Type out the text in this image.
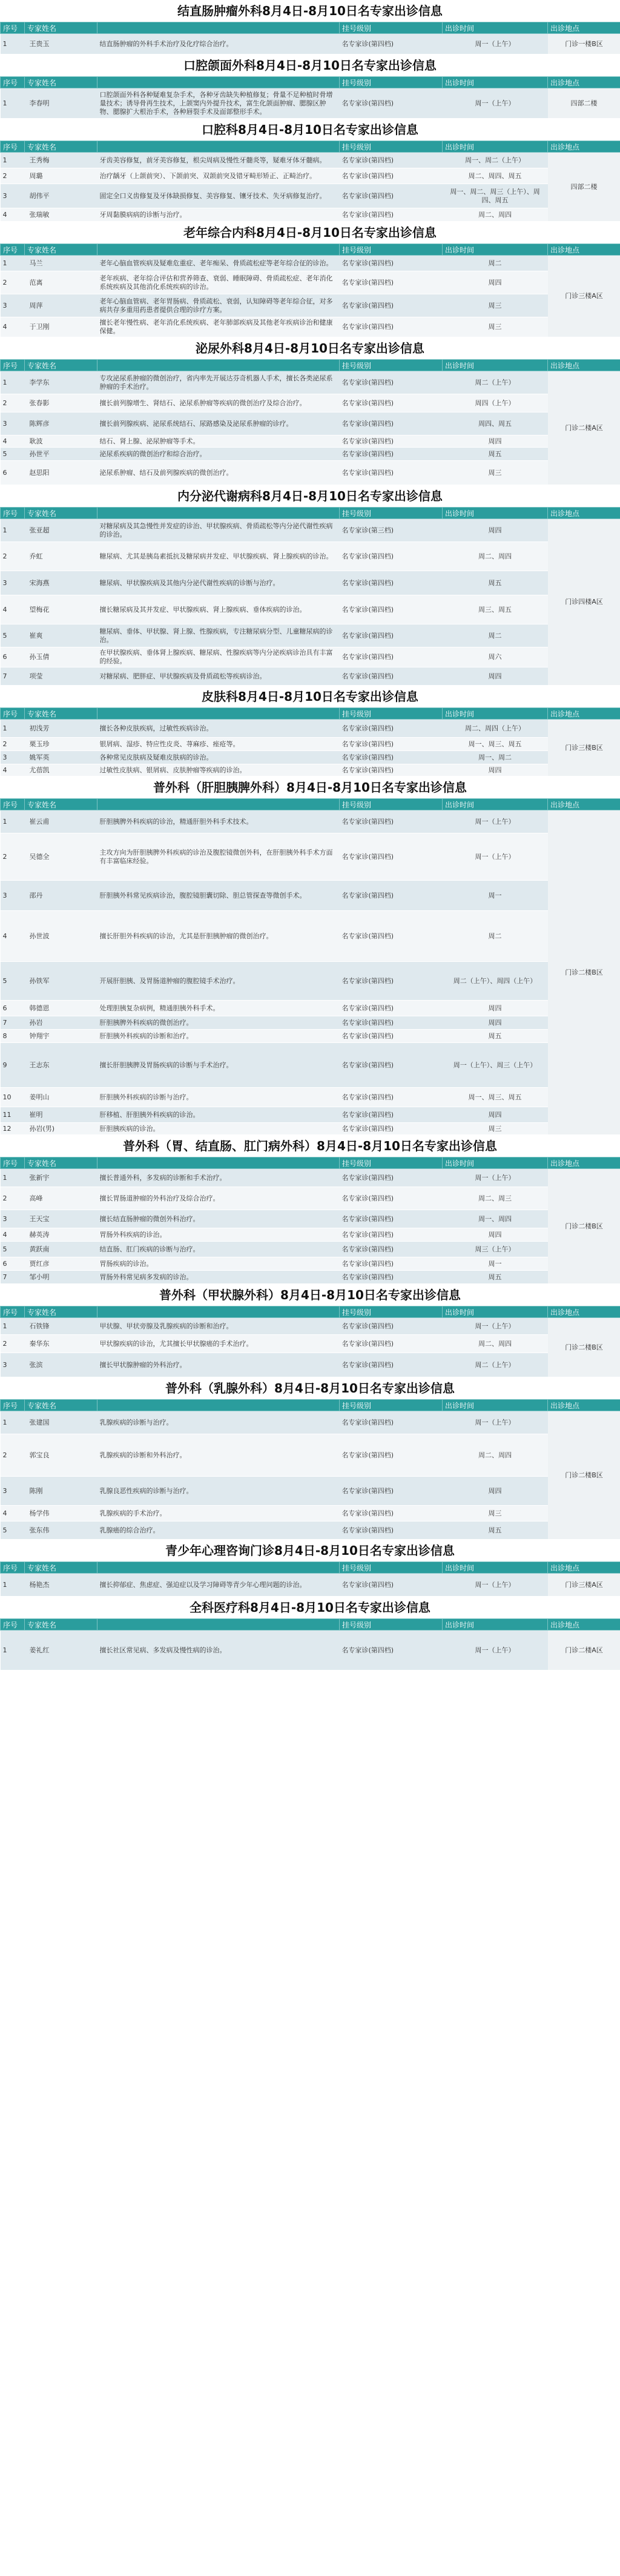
结直肠肿瘤外科8月4日-8月10日名专家出诊信息
序号	专家姓名		挂号级别	出诊时间	出诊地点
1	王贵玉	结直肠肿瘤的外科手术治疗及化疗综合治疗。	名专家诊(第四档)	周一（上午）	门诊一楼B区
口腔颌面外科8月4日-8月10日名专家出诊信息
序号	专家姓名		挂号级别	出诊时间	出诊地点
1	李春明	口腔颌面外科各种疑难复杂手术，各种牙齿缺失种植修复；骨量不足种植时骨增量技术；诱导骨再生技术，上颌窦内外提升技术，富生化颌面肿瘤、腮腺区肿物、腮腺扩大根治手术，各种唇裂手术及面部整形手术。	名专家诊(第四档)	周一（上午）	四部二楼
口腔科8月4日-8月10日名专家出诊信息
序号	专家姓名		挂号级别	出诊时间	出诊地点
1	王秀梅	牙齿美容修复，前牙美容修复，根尖周病及慢性牙髓炎等，疑难牙体牙髓病。	名专家诊(第四档)	周一、周二（上午）	四部二楼
2	周璐	治疗龋牙（上颌前突）、下颌前突、双颌前突及错牙畸形矫正、正畸治疗。	名专家诊(第四档)	周二、周四、周五	
3	胡伟平	固定全口义齿修复及牙体缺损修复、美容修复、镶牙技术、失牙病修复治疗。	名专家诊(第四档)	周一、周二、周三（上午）、周四、周五	
4	张瑞敏	牙周黏膜病病的诊断与治疗。	名专家诊(第四档)	周二、周四	
老年综合内科8月4日-8月10日名专家出诊信息
序号	专家姓名		挂号级别	出诊时间	出诊地点
1	马兰	老年心脑血管疾病及疑难危重症、老年痴呆、骨质疏松症等老年综合征的诊治。	名专家诊(第四档)	周二	门诊三楼A区
2	范离	老年疾病、老年综合评估和营养筛查、衰弱、睡眠障碍、骨质疏松症、老年消化系统疾病及其他消化系统疾病的诊治。	名专家诊(第四档)	周四	
3	周萍	老年心脑血管病、老年胃肠病、骨质疏松、衰弱，认知障碍等老年综合征，对多病共存多重用药患者提供合理的诊疗方案。	名专家诊(第四档)	周三	
4	于卫刚	擅长老年慢性病、老年消化系统疾病、老年肺部疾病及其他老年疾病诊治和健康保健。	名专家诊(第四档)	周三	
泌尿外科8月4日-8月10日名专家出诊信息
序号	专家姓名		挂号级别	出诊时间	出诊地点
1	李学东	专攻泌尿系肿瘤的微创治疗，省内率先开展达芬奇机器人手术，擅长各类泌尿系肿瘤的手术治疗。	名专家诊(第四档)	周二（上午）	门诊二楼A区
2	张春影	擅长前列腺增生、肾结石、泌尿系肿瘤等疾病的微创治疗及综合治疗。	名专家诊(第四档)	周四（上午）	
3	陈辉彦	擅长前列腺疾病、泌尿系统结石、尿路感染及泌尿系肿瘤的诊疗。	名专家诊(第四档)	周四、周五	
4	耿波	结石、肾上腺、泌尿肿瘤等手术。	名专家诊(第四档)	周四	
5	孙世平	泌尿系疾病的微创治疗和综合治疗。	名专家诊(第四档)	周五	
6	赵思阳	泌尿系肿瘤、结石及前列腺疾病的微创治疗。	名专家诊(第四档)	周三	
内分泌代谢病科8月4日-8月10日名专家出诊信息
序号	专家姓名		挂号级别	出诊时间	出诊地点
1	张亚超	对糖尿病及其急慢性并发症的诊治、甲状腺疾病、骨质疏松等内分泌代谢性疾病的诊治。	名专家诊(第三档)	周四	门诊四楼A区
2	乔虹	糖尿病、尤其是胰岛素抵抗及糖尿病并发症、甲状腺疾病、肾上腺疾病的诊治。	名专家诊(第四档)	周二、周四	
3	宋海燕	糖尿病、甲状腺疾病及其他内分泌代谢性疾病的诊断与治疗。	名专家诊(第四档)	周五	
4	望梅花	擅长糖尿病及其并发症、甲状腺疾病、肾上腺疾病、垂体疾病的诊治。	名专家诊(第四档)	周三、周五	
5	崔爽	糖尿病、垂体、甲状腺、肾上腺、性腺疾病，专注糖尿病分型、儿童糖尿病的诊治。	名专家诊(第四档)	周二	
6	孙玉倩	在甲状腺疾病、垂体肾上腺疾病、糖尿病、性腺疾病等内分泌疾病诊治具有丰富的经验。	名专家诊(第四档)	周六	
7	项莹	对糖尿病、肥胖症、甲状腺疾病及骨质疏松等疾病诊治。	名专家诊(第四档)	周四	
皮肤科8月4日-8月10日名专家出诊信息
序号	专家姓名		挂号级别	出诊时间	出诊地点
1	初浅芳	擅长各种皮肤疾病，过敏性疾病诊治。	名专家诊(第四档)	周二、周四（上午）	门诊三楼B区
2	栗玉珍	银屑病、湿疹、特应性皮炎、荨麻疹、痤疮等。	名专家诊(第四档)	周一、周三、周五	
3	姚军英	各种常见皮肤病及疑难皮肤病的诊治。	名专家诊(第四档)	周一、周二	
4	尤蓓凯	过敏性皮肤病、银屑病、皮肤肿瘤等疾病的诊治。	名专家诊(第四档)	周四	
普外科（肝胆胰脾外科）8月4日-8月10日名专家出诊信息
序号	专家姓名		挂号级别	出诊时间	出诊地点
1	崔云甫	肝胆胰脾外科疾病的诊治，精通肝胆外科手术技术。	名专家诊(第四档)	周一（上午）	门诊二楼B区
2	吴德全	主攻方向为肝胆胰脾外科疾病的诊治及腹腔镜微创外科，在肝胆胰外科手术方面有丰富临床经验。	名专家诊(第四档)	周一（上午）	
3	邵丹	肝胆胰外科常见疾病诊治，腹腔镜胆囊切除、胆总管探查等微创手术。	名专家诊(第四档)	周一	
4	孙世波	擅长肝胆外科疾病的诊治，尤其是肝胆胰肿瘤的微创治疗。	名专家诊(第四档)	周二	
5	孙铁军	开展肝胆胰、及胃肠道肿瘤的腹腔镜手术治疗。	名专家诊(第四档)	周二（上午）、周四（上午）	
6	韩德恩	处理胆胰复杂病例，精通胆胰外科手术。	名专家诊(第四档)	周四	
7	孙岩	肝胆胰脾外科疾病的微创治疗。	名专家诊(第四档)	周四	
8	钟翔宇	肝胆胰外科疾病的诊断和治疗。	名专家诊(第四档)	周五	
9	王志东	擅长肝胆胰脾及胃肠疾病的诊断与手术治疗。	名专家诊(第四档)	周一（上午）、周三（上午）	
10	姜明山	肝胆胰外科疾病的诊断与治疗。	名专家诊(第四档)	周一、周三、周五	
11	崔明	肝移植、肝胆胰外科疾病的诊治。	名专家诊(第四档)	周四	
12	孙岩(男)	肝胆胰疾病的诊治。	名专家诊(第四档)	周三	
普外科（胃、结直肠、肛门病外科）8月4日-8月10日名专家出诊信息
序号	专家姓名		挂号级别	出诊时间	出诊地点
1	张新宇	擅长普通外科，多发病的诊断和手术治疗。	名专家诊(第四档)	周一（上午）	门诊二楼B区
2	高峰	擅长胃肠道肿瘤的外科治疗及综合治疗。	名专家诊(第四档)	周二、周三	
3	王天宝	擅长结直肠肿瘤的微创外科治疗。	名专家诊(第四档)	周一、周四	
4	赫英涛	胃肠外科疾病的诊治。	名专家诊(第四档)	周四	
5	黄跃南	结直肠、肛门疾病的诊断与治疗。	名专家诊(第四档)	周三（上午）	
6	贾红彦	胃肠疾病的诊治。	名专家诊(第四档)	周一	
7	邹小明	胃肠外科常见病多发病的诊治。	名专家诊(第四档)	周五	
普外科（甲状腺外科）8月4日-8月10日名专家出诊信息
序号	专家姓名		挂号级别	出诊时间	出诊地点
1	石铁锋	甲状腺、甲状旁腺及乳腺疾病的诊断和治疗。	名专家诊(第四档)	周一（上午）	门诊二楼B区
2	秦华东	甲状腺疾病的诊治，尤其擅长甲状腺癌的手术治疗。	名专家诊(第四档)	周二、周四	
3	张滨	擅长甲状腺肿瘤的外科治疗。	名专家诊(第四档)	周二（上午）	
普外科（乳腺外科）8月4日-8月10日名专家出诊信息
序号	专家姓名		挂号级别	出诊时间	出诊地点
1	张建国	乳腺疾病的诊断与治疗。	名专家诊(第四档)	周一（上午）	门诊二楼B区
2	郭宝良	乳腺疾病的诊断和外科治疗。	名专家诊(第四档)	周二、周四	
3	陈刚	乳腺良恶性疾病的诊断与治疗。	名专家诊(第四档)	周四	
4	杨学伟	乳腺疾病的手术治疗。	名专家诊(第四档)	周三	
5	张东伟	乳腺癌的综合治疗。	名专家诊(第四档)	周五	
青少年心理咨询门诊8月4日-8月10日名专家出诊信息
序号	专家姓名		挂号级别	出诊时间	出诊地点
1	杨艳杰	擅长抑郁症、焦虑症、强迫症以及学习障碍等青少年心理问题的诊治。	名专家诊(第四档)	周一（上午）	门诊三楼A区
全科医疗科8月4日-8月10日名专家出诊信息
序号	专家姓名		挂号级别	出诊时间	出诊地点
1	姜礼红	擅长社区常见病、多发病及慢性病的诊治。	名专家诊(第四档)	周一（上午）	门诊二楼A区
